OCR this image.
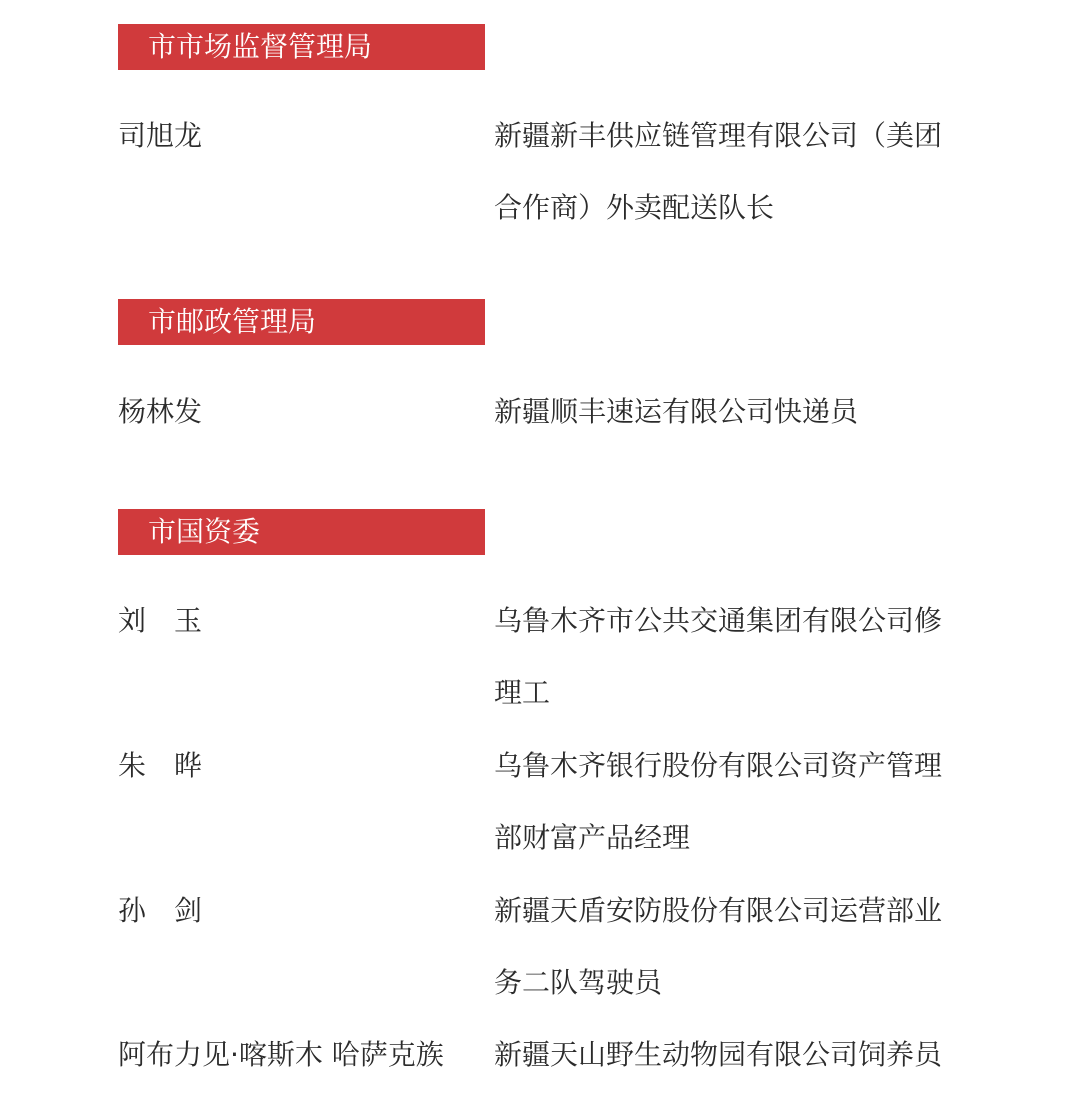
市市场监督管理局
司旭龙	新疆新丰供应链管理有限公司（美团
合作商）外卖配送队长
市邮政管理局
杨林发	新疆顺丰速运有限公司快递员
市国资委
刘 玉	乌鲁木齐市公共交通集团有限公司修
理工
朱 晔	乌鲁木齐银行股份有限公司资产管理
部财富产品经理
孙 剑	新疆天盾安防股份有限公司运营部业
务二队驾驶员
阿布力见·喀斯木 哈萨克族 新疆天山野生动物园有限公司饲养员
